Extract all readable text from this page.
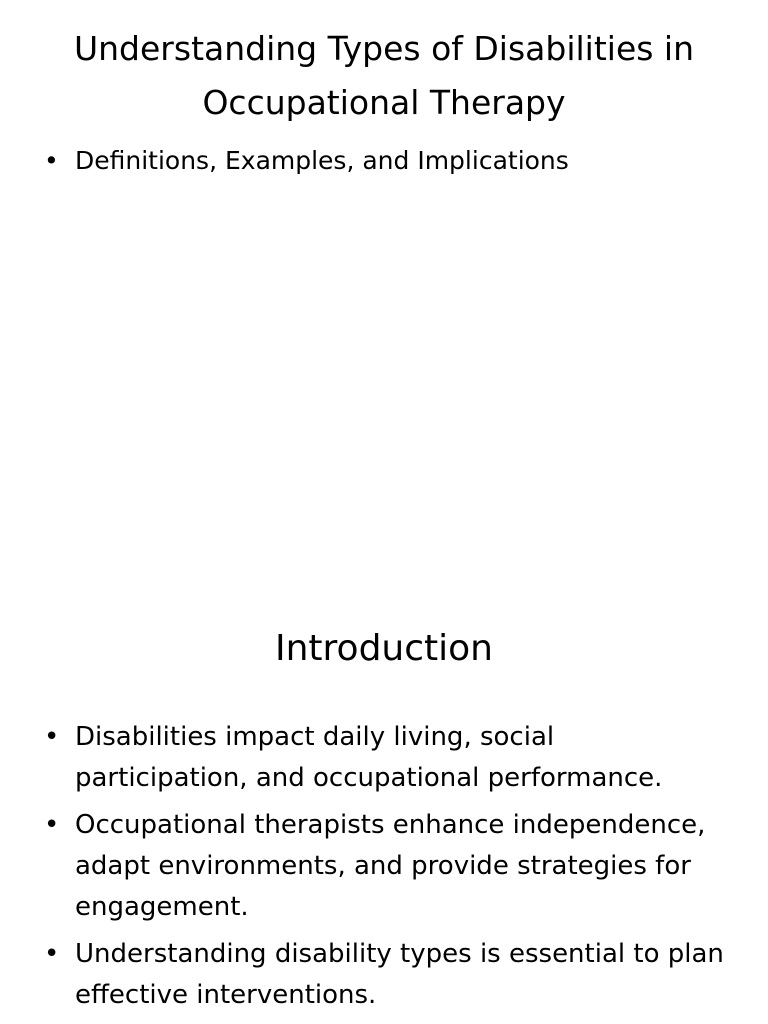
Understanding Types of Disabilities in Occupational Therapy
• Definitions, Examples, and Implications
Introduction
• Disabilities impact daily living, social participation, and occupational performance.
• Occupational therapists enhance independence, adapt environments, and provide strategies for engagement.
• Understanding disability types is essential to plan effective interventions.
